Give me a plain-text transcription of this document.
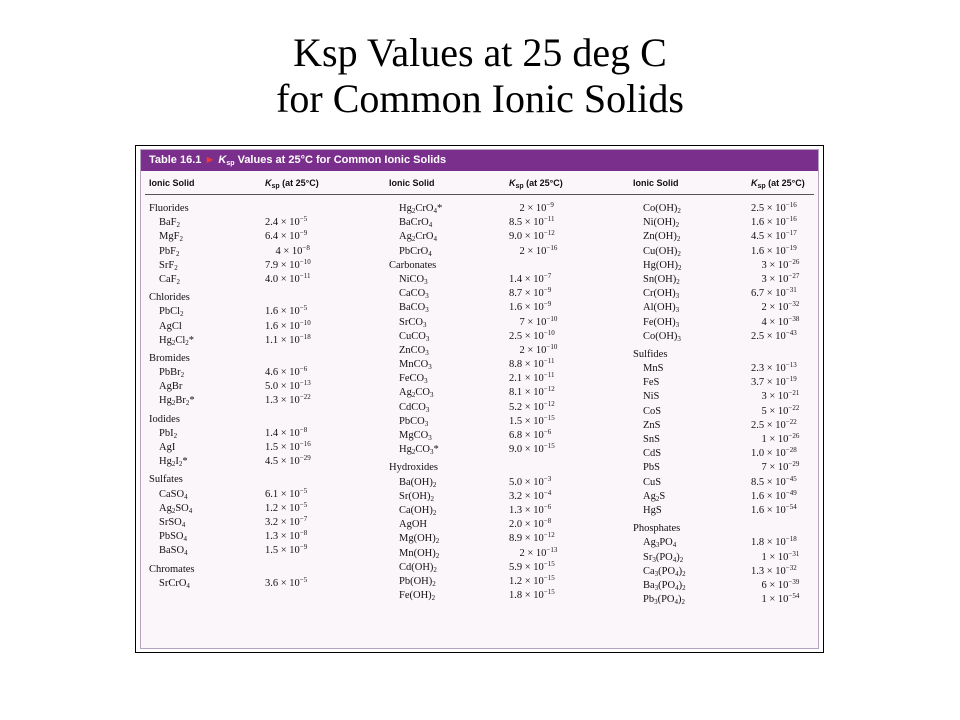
Ksp Values at 25 deg C
for Common Ionic Solids
Table 16.1 ► $K_{sp}$ Values at 25°C for Common Ionic Solids
Ionic Solid	$K_{sp}$ (at 25°C)	Ionic Solid	$K_{sp}$ (at 25°C)	Ionic Solid	$K_{sp}$ (at 25°C)
Fluorides
BaF$_2$	$2.4 \times 10^{-5}$
MgF$_2$	$6.4 \times 10^{-9}$
PbF$_2$	$4 \times 10^{-8}$
SrF$_2$	$7.9 \times 10^{-10}$
CaF$_2$	$4.0 \times 10^{-11}$
Chlorides
PbCl$_2$	$1.6 \times 10^{-5}$
AgCl	$1.6 \times 10^{-10}$
$Hg_2Cl_2*$	$1.1 \times 10^{-18}$
Bromides
PbBr$_2$	$4.6 \times 10^{-6}$
AgBr	$5.0 \times 10^{-13}$
$Hg_2Br_2*$	$1.3 \times 10^{-22}$
Iodides
PbI$_2$	$1.4 \times 10^{-8}$
AgI	$1.5 \times 10^{-16}$
$Hg_2I_2*$	$4.5 \times 10^{-29}$
Sulfates
CaSO$_4$	$6.1 \times 10^{-5}$
$Ag_2SO_4$	$1.2 \times 10^{-5}$
SrSO$_4$	$3.2 \times 10^{-7}$
PbSO$_4$	$1.3 \times 10^{-8}$
BaSO$_4$	$1.5 \times 10^{-9}$
Chromates
SrCrO$_4$	$3.6 \times 10^{-5}$
$Hg_2CrO_4*$	$2 \times 10^{-9}$
BaCrO$_4$	$8.5 \times 10^{-11}$
$Ag_2CrO_4$	$9.0 \times 10^{-12}$
PbCrO$_4$	$2 \times 10^{-16}$
Carbonates
NiCO$_3$	$1.4 \times 10^{-7}$
CaCO$_3$	$8.7 \times 10^{-9}$
BaCO$_3$	$1.6 \times 10^{-9}$
SrCO$_3$	$7 \times 10^{-10}$
CuCO$_3$	$2.5 \times 10^{-10}$
ZnCO$_3$	$2 \times 10^{-10}$
MnCO$_3$	$8.8 \times 10^{-11}$
FeCO$_3$	$2.1 \times 10^{-11}$
$Ag_2CO_3$	$8.1 \times 10^{-12}$
CdCO$_3$	$5.2 \times 10^{-12}$
PbCO$_3$	$1.5 \times 10^{-15}$
MgCO$_3$	$6.8 \times 10^{-6}$
$Hg_2CO_3*$	$9.0 \times 10^{-15}$
Hydroxides
$Ba(OH)_2$	$5.0 \times 10^{-3}$
$Sr(OH)_2$	$3.2 \times 10^{-4}$
$Ca(OH)_2$	$1.3 \times 10^{-6}$
AgOH	$2.0 \times 10^{-8}$
$Mg(OH)_2$	$8.9 \times 10^{-12}$
$Mn(OH)_2$	$2 \times 10^{-13}$
$Cd(OH)_2$	$5.9 \times 10^{-15}$
$Pb(OH)_2$	$1.2 \times 10^{-15}$
$Fe(OH)_2$	$1.8 \times 10^{-15}$
$Co(OH)_2$	$2.5 \times 10^{-16}$
$Ni(OH)_2$	$1.6 \times 10^{-16}$
$Zn(OH)_2$	$4.5 \times 10^{-17}$
$Cu(OH)_2$	$1.6 \times 10^{-19}$
$Hg(OH)_2$	$3 \times 10^{-26}$
$Sn(OH)_2$	$3 \times 10^{-27}$
$Cr(OH)_3$	$6.7 \times 10^{-31}$
$Al(OH)_3$	$2 \times 10^{-32}$
$Fe(OH)_3$	$4 \times 10^{-38}$
$Co(OH)_3$	$2.5 \times 10^{-43}$
Sulfides
MnS	$2.3 \times 10^{-13}$
FeS	$3.7 \times 10^{-19}$
NiS	$3 \times 10^{-21}$
CoS	$5 \times 10^{-22}$
ZnS	$2.5 \times 10^{-22}$
SnS	$1 \times 10^{-26}$
CdS	$1.0 \times 10^{-28}$
PbS	$7 \times 10^{-29}$
CuS	$8.5 \times 10^{-45}$
$Ag_2S$	$1.6 \times 10^{-49}$
HgS	$1.6 \times 10^{-54}$
Phosphates
$Ag_3PO_4$	$1.8 \times 10^{-18}$
$Sr_3(PO_4)_2$	$1 \times 10^{-31}$
$Ca_3(PO_4)_2$	$1.3 \times 10^{-32}$
$Ba_3(PO_4)_2$	$6 \times 10^{-39}$
$Pb_3(PO_4)_2$	$1 \times 10^{-54}$
